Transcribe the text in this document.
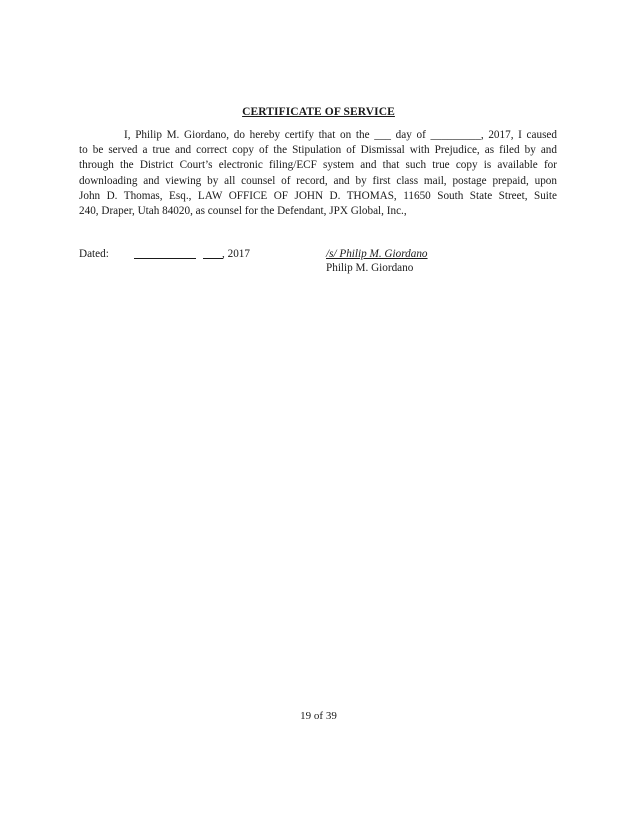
CERTIFICATE OF SERVICE
I, Philip M. Giordano, do hereby certify that on the ___ day of _________, 2017, I caused
to be served a true and correct copy of the Stipulation of Dismissal with Prejudice, as filed by and
through the District Court’s electronic filing/ECF system and that such true copy is available for
downloading and viewing by all counsel of record, and by first class mail, postage prepaid, upon
John D. Thomas, Esq., LAW OFFICE OF JOHN D. THOMAS, 11650 South State Street, Suite
240, Draper, Utah 84020, as counsel for the Defendant, JPX Global, Inc.,
Dated:	, 2017	/s/ Philip M. Giordano
Philip M. Giordano
19 of 39
